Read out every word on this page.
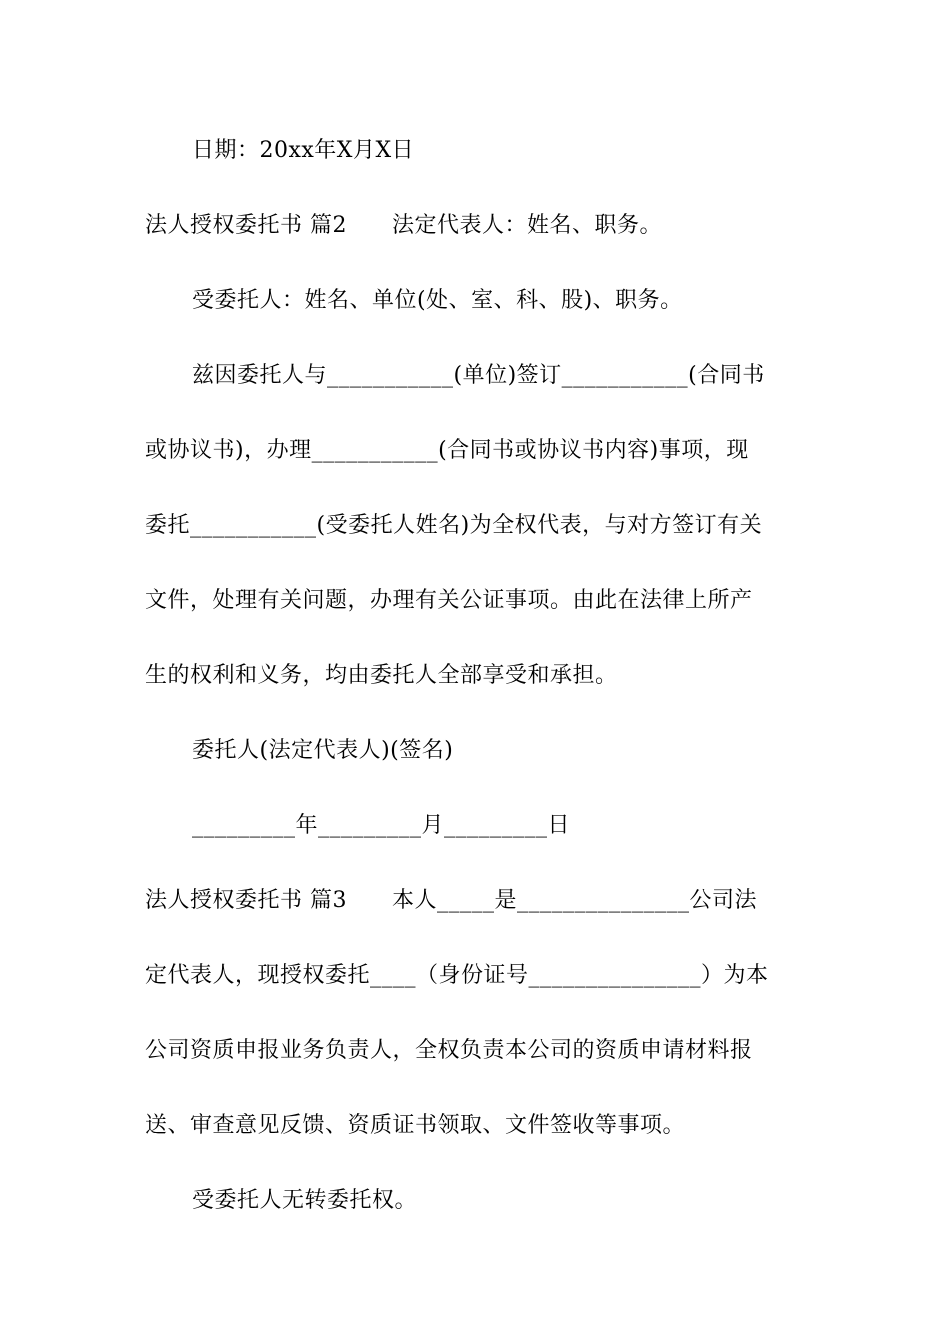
日期：20xx年X月X日
法人授权委托书 篇2　　法定代表人：姓名、职务。
受委托人：姓名、单位(处、室、科、股)、职务。
兹因委托人与___________(单位)签订___________(合同书
或协议书)，办理___________(合同书或协议书内容)事项，现
委托___________(受委托人姓名)为全权代表，与对方签订有关
文件，处理有关问题，办理有关公证事项。由此在法律上所产
生的权利和义务，均由委托人全部享受和承担。
委托人(法定代表人)(签名)
_________年_________月_________日
法人授权委托书 篇3　　本人_____是_______________公司法
定代表人，现授权委托____（身份证号_______________）为本
公司资质申报业务负责人，全权负责本公司的资质申请材料报
送、审查意见反馈、资质证书领取、文件签收等事项。
受委托人无转委托权。
